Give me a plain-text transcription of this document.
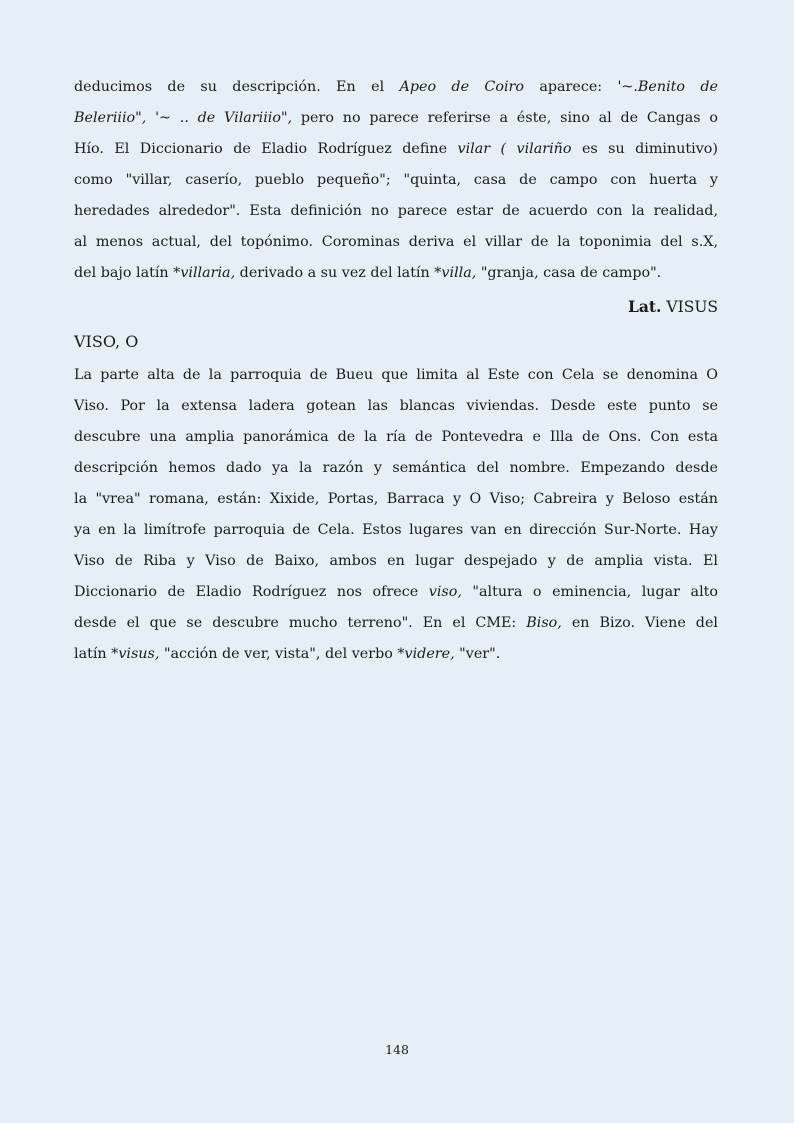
deducimos de su descripción. En el Apeo de Coiro aparece: '~.Benito de
Beleriiio", '~ .. de Vilariiio", pero no parece referirse a éste, sino al de Cangas o
Hío. El Diccionario de Eladio Rodríguez define vilar ( vilariño es su diminutivo)
como "villar, caserío, pueblo pequeño"; "quinta, casa de campo con huerta y
heredades alrededor". Esta definición no parece estar de acuerdo con la realidad,
al menos actual, del topónimo. Corominas deriva el villar de la toponimia del s.X,
del bajo latín *villaria, derivado a su vez del latín *villa, "granja, casa de campo".
Lat. VISUS
VISO, O
La parte alta de la parroquia de Bueu que limita al Este con Cela se denomina O
Viso. Por la extensa ladera gotean las blancas viviendas. Desde este punto se
descubre una amplia panorámica de la ría de Pontevedra e Illa de Ons. Con esta
descripción hemos dado ya la razón y semántica del nombre. Empezando desde
la "vrea" romana, están: Xixide, Portas, Barraca y O Viso; Cabreira y Beloso están
ya en la limítrofe parroquia de Cela. Estos lugares van en dirección Sur-Norte. Hay
Viso de Riba y Viso de Baixo, ambos en lugar despejado y de amplia vista. El
Diccionario de Eladio Rodríguez nos ofrece viso, "altura o eminencia, lugar alto
desde el que se descubre mucho terreno". En el CME: Biso, en Bizo. Viene del
latín *visus, "acción de ver, vista", del verbo *videre, "ver".
148
